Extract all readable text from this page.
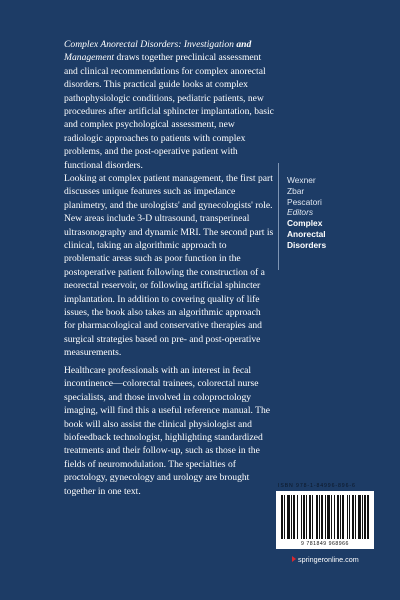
Complex Anorectal Disorders: Investigation and Management draws together preclinical assessment and clinical recommendations for complex anorectal disorders. This practical guide looks at complex pathophysiologic conditions, pediatric patients, new procedures after artificial sphincter implantation, basic and complex psychological assessment, new radiologic approaches to patients with complex problems, and the post-operative patient with functional disorders.

Looking at complex patient management, the first part discusses unique features such as impedance planimetry, and the urologists' and gynecologists' role. New areas include 3-D ultrasound, transperineal ultrasonography and dynamic MRI. The second part is clinical, taking an algorithmic approach to problematic areas such as poor function in the postoperative patient following the construction of a neorectal reservoir, or following artificial sphincter implantation. In addition to covering quality of life issues, the book also takes an algorithmic approach for pharmacological and conservative therapies and surgical strategies based on pre- and post-operative measurements.

Healthcare professionals with an interest in fecal incontinence—colorectal trainees, colorectal nurse specialists, and those involved in coloproctology imaging, will find this a useful reference manual. The book will also assist the clinical physiologist and biofeedback technologist, highlighting standardized treatments and their follow-up, such as those in the fields of neuromodulation. The specialties of proctology, gynecology and urology are brought together in one text.

Wexner
Zbar
Pescatori
Editors
Complex
Anorectal
Disorders
ISBN 978-1-84996-896-6
9 781849 968966
springeronline.com
